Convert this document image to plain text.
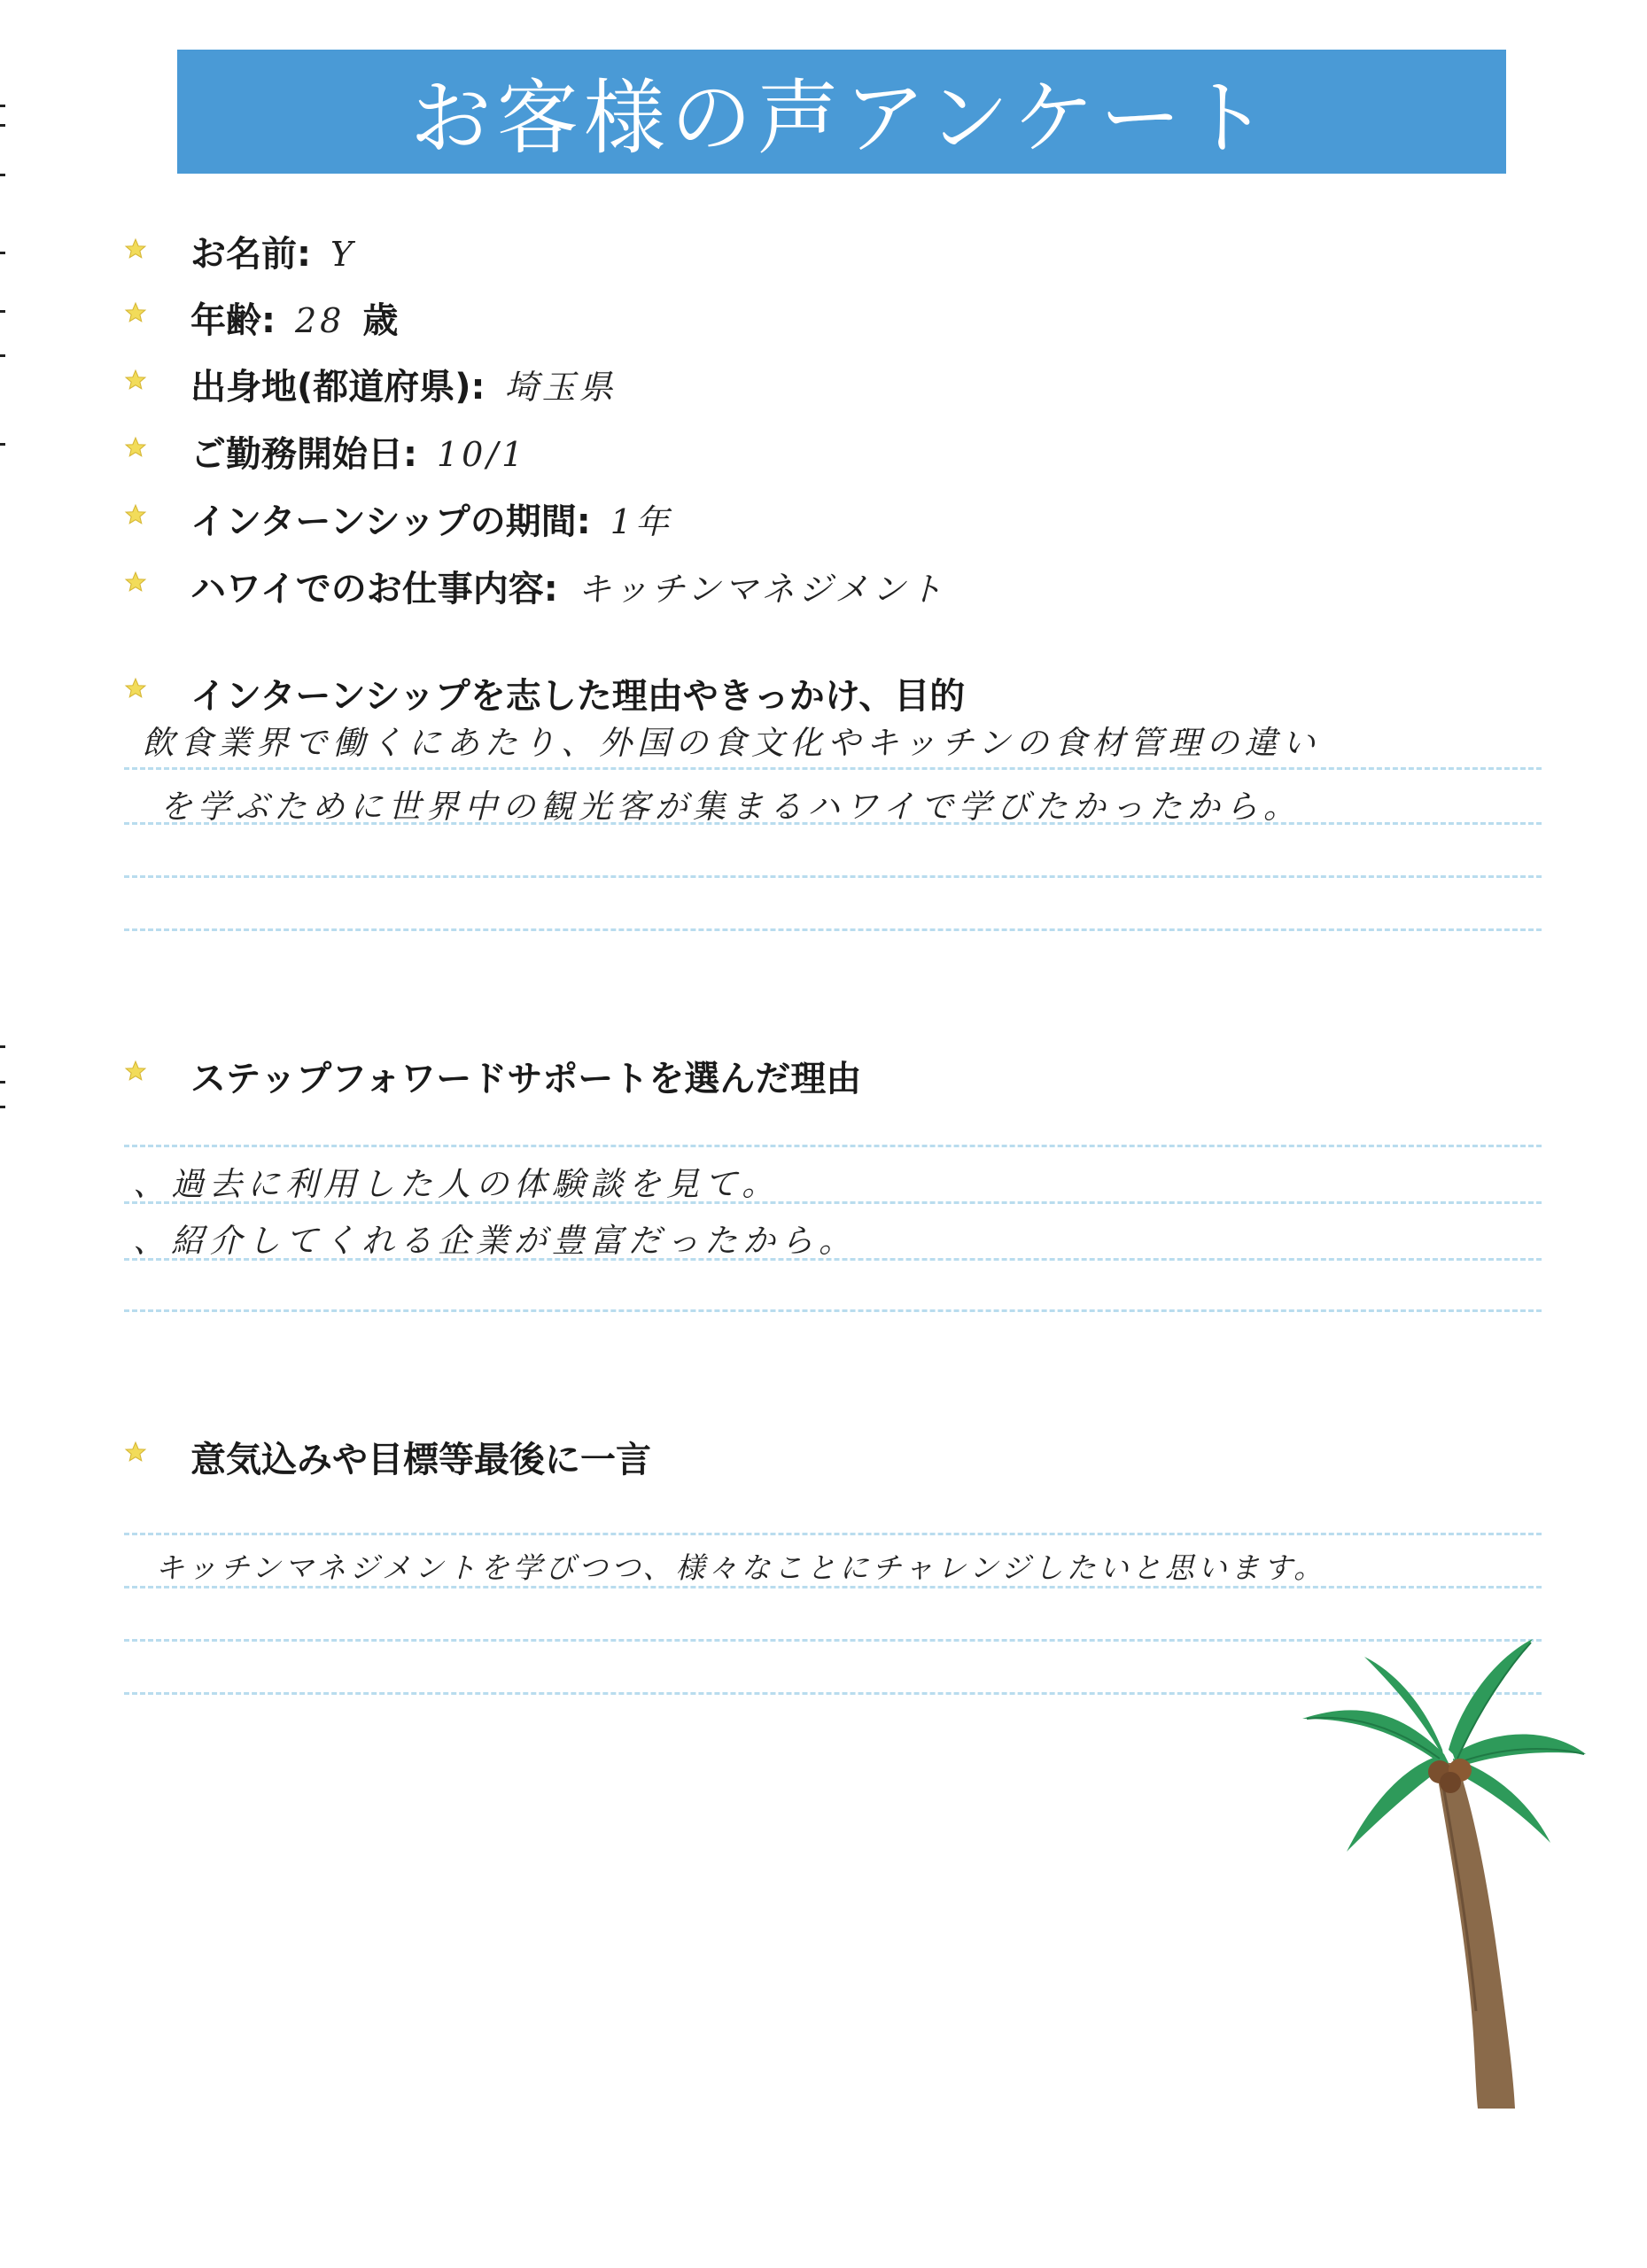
お客様の声アンケート
お名前: Y
年齢: 28 歳
出身地(都道府県): 埼玉県
ご勤務開始日: 10/1
インターンシップの期間: 1年
ハワイでのお仕事内容: キッチンマネジメント
インターンシップを志した理由やきっかけ、目的
飲食業界で働くにあたり、外国の食文化やキッチンの食材管理の違い
を学ぶために世界中の観光客が集まるハワイで学びたかったから。
ステップフォワードサポートを選んだ理由
、過去に利用した人の体験談を見て。
、紹介してくれる企業が豊富だったから。
意気込みや目標等最後に一言
キッチンマネジメントを学びつつ、様々なことにチャレンジしたいと思います。
